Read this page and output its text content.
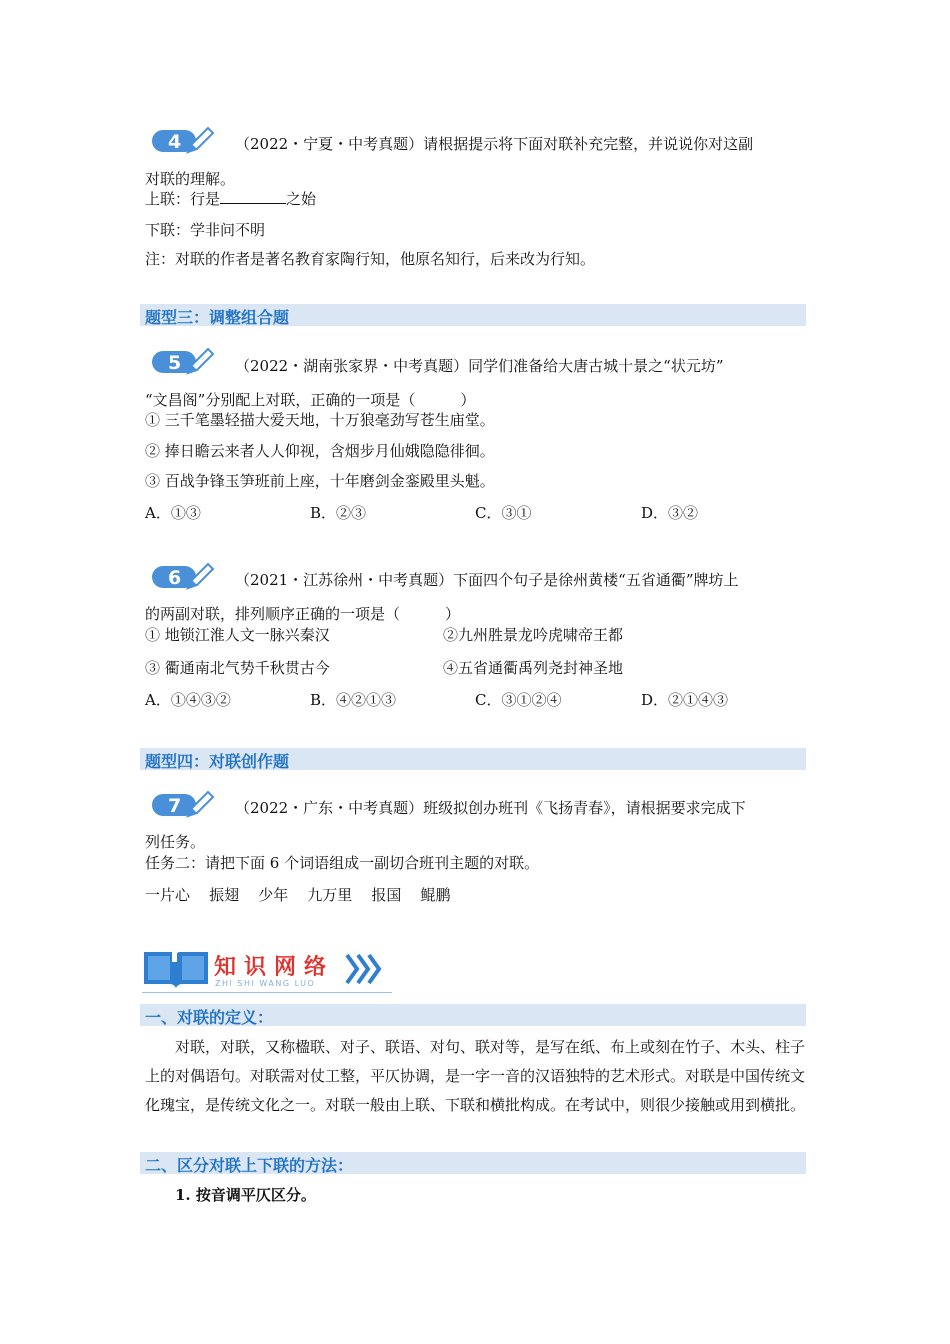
4	（2022・宁夏・中考真题）请根据提示将下面对联补充完整，并说说你对这副
对联的理解。
上联：行是	之始
下联：学非问不明
注：对联的作者是著名教育家陶行知，他原名知行，后来改为行知。
题型三：调整组合题
5	（2022・湖南张家界・中考真题）同学们准备给大唐古城十景之“状元坊”
“文昌阁”分别配上对联，正确的一项是（　　　）
① 三千笔墨轻描大爱天地，十万狼毫劲写苍生庙堂。
② 捧日瞻云来者人人仰视，含烟步月仙娥隐隐徘徊。
③ 百战争锋玉笋班前上座，十年磨剑金銮殿里头魁。
A．①③	B．②③	C．③①	D．③②
6	（2021・江苏徐州・中考真题）下面四个句子是徐州黄楼“五省通衢”牌坊上
的两副对联，排列顺序正确的一项是（　　　）
① 地锁江淮人文一脉兴秦汉	②九州胜景龙吟虎啸帝王都
③ 衢通南北气势千秋贯古今	④五省通衢禹列尧封神圣地
A．①④③②	B．④②①③	C．③①②④	D．②①④③
题型四：对联创作题
7	（2022・广东・中考真题）班级拟创办班刊《飞扬青春》，请根据要求完成下
列任务。
任务二：请把下面 6 个词语组成一副切合班刊主题的对联。
一片心 振翅 少年 九万里 报国 鲲鹏
知识网络
ZHI SHI WANG LUO
一、对联的定义：
对联，对联，又称楹联、对子、联语、对句、联对等，是写在纸、布上或刻在竹子、木头、柱子上的对偶语句。对联需对仗工整，平仄协调，是一字一音的汉语独特的艺术形式。对联是中国传统文化瑰宝，是传统文化之一。对联一般由上联、下联和横批构成。在考试中，则很少接触或用到横批。
二、区分对联上下联的方法：
1. 按音调平仄区分。
